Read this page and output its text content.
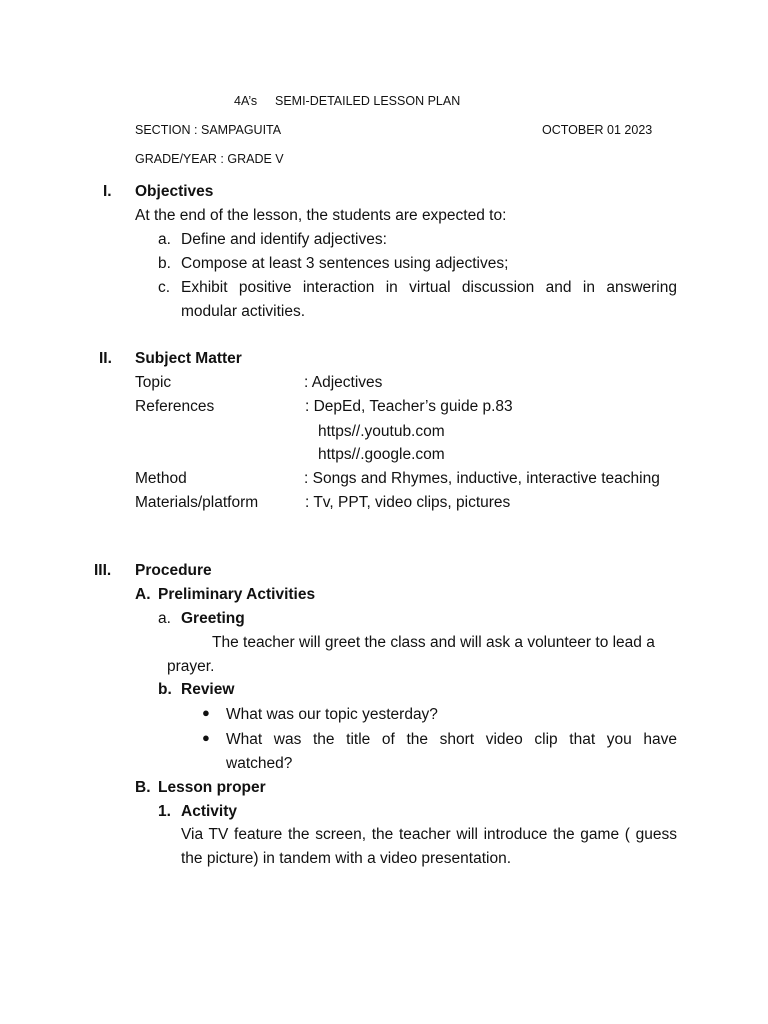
4A’s SEMI-DETAILED LESSON PLAN
SECTION : SAMPAGUITA	OCTOBER 01 2023
GRADE/YEAR : GRADE V
I. Objectives
At the end of the lesson, the students are expected to:
a. Define and identify adjectives:
b. Compose at least 3 sentences using adjectives;
c. Exhibit positive interaction in virtual discussion and in answering
modular activities.
II. Subject Matter
Topic	: Adjectives
References	: DepEd, Teacher’s guide p.83
https//.youtub.com
https//.google.com
Method	: Songs and Rhymes, inductive, interactive teaching
Materials/platform	: Tv, PPT, video clips, pictures
III. Procedure
A. Preliminary Activities
a. Greeting
The teacher will greet the class and will ask a volunteer to lead a
prayer.
b. Review
● What was our topic yesterday?
● What was the title of the short video clip that you have
watched?
B. Lesson proper
1. Activity
Via TV feature the screen, the teacher will introduce the game ( guess
the picture) in tandem with a video presentation.
